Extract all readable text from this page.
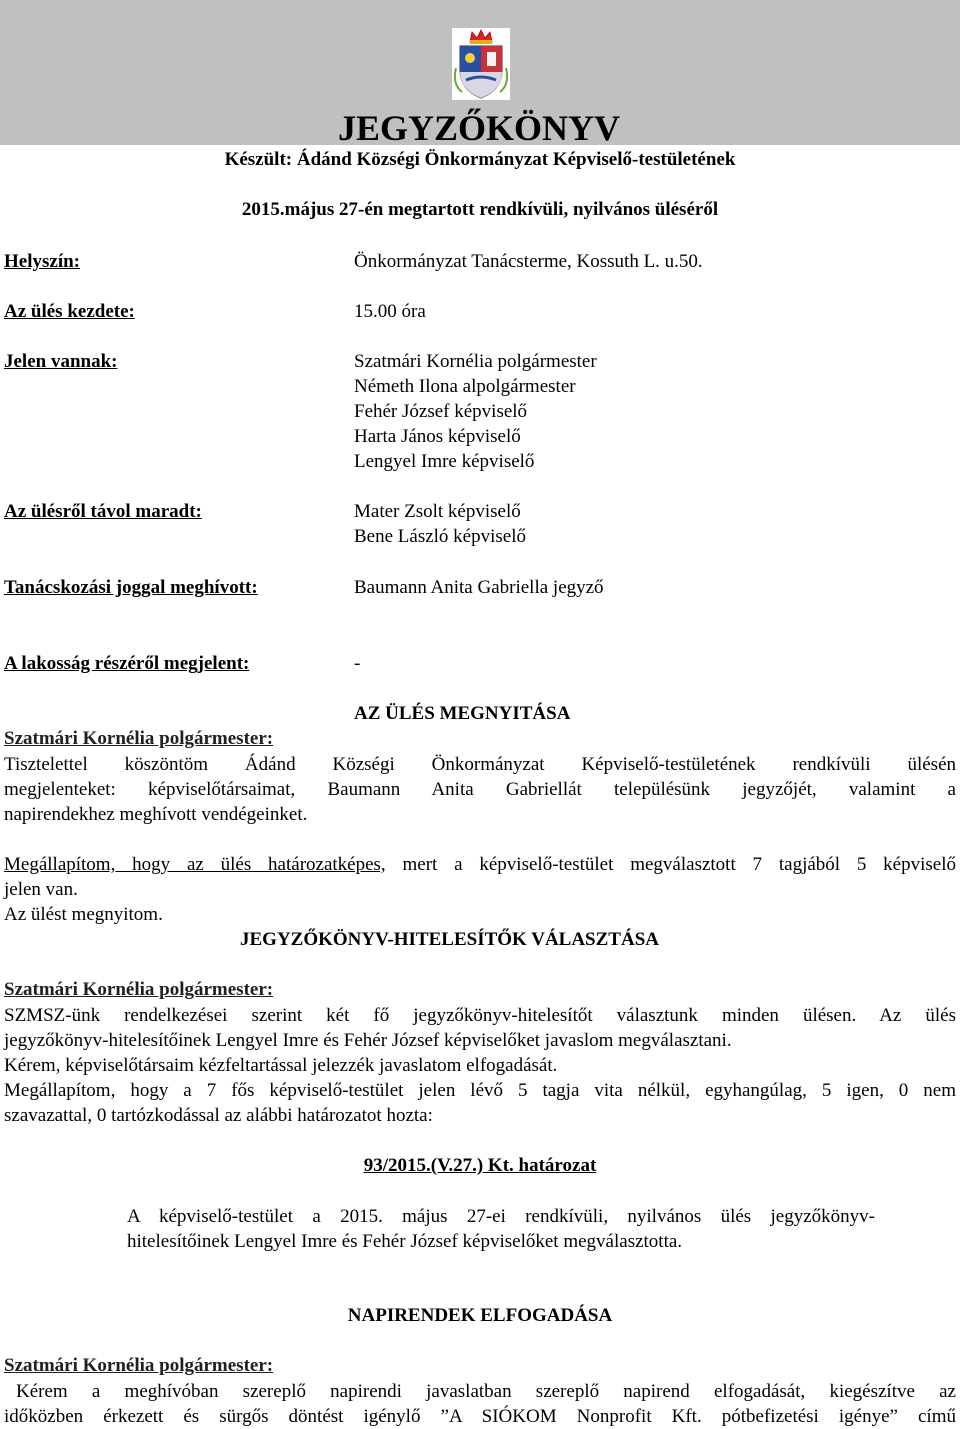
JEGYZŐKÖNYV
Készült: Ádánd Községi Önkormányzat Képviselő-testületének
2015.május 27-én megtartott rendkívüli, nyilvános üléséről
Helyszín:	Önkormányzat Tanácsterme, Kossuth L. u.50.
Az ülés kezdete:	15.00 óra
Jelen vannak:	Szatmári Kornélia polgármester
Németh Ilona alpolgármester
Fehér József képviselő
Harta János képviselő
Lengyel Imre képviselő
Az ülésről távol maradt:	Mater Zsolt képviselő
Bene László képviselő
Tanácskozási joggal meghívott:	Baumann Anita Gabriella jegyző
A lakosság részéről megjelent:	-
AZ ÜLÉS MEGNYITÁSA
Szatmári Kornélia polgármester:
Tisztelettel köszöntöm Ádánd Községi Önkormányzat Képviselő-testületének rendkívüli ülésén
megjelenteket: képviselőtársaimat, Baumann Anita Gabriellát településünk jegyzőjét, valamint a
napirendekhez meghívott vendégeinket.
Megállapítom, hogy az ülés határozatképes, mert a képviselő-testület megválasztott 7 tagjából 5 képviselő
jelen van.
Az ülést megnyitom.
JEGYZŐKÖNYV-HITELESÍTŐK VÁLASZTÁSA
Szatmári Kornélia polgármester:
SZMSZ-ünk rendelkezései szerint két fő jegyzőkönyv-hitelesítőt választunk minden ülésen. Az ülés
jegyzőkönyv-hitelesítőinek Lengyel Imre és Fehér József képviselőket javaslom megválasztani.
Kérem, képviselőtársaim kézfeltartással jelezzék javaslatom elfogadását.
Megállapítom, hogy a 7 fős képviselő-testület jelen lévő 5 tagja vita nélkül, egyhangúlag, 5 igen, 0 nem
szavazattal, 0 tartózkodással az alábbi határozatot hozta:
93/2015.(V.27.) Kt. határozat
A képviselő-testület a 2015. május 27-ei rendkívüli, nyilvános ülés jegyzőkönyv-
hitelesítőinek Lengyel Imre és Fehér József képviselőket megválasztotta.
NAPIRENDEK ELFOGADÁSA
Szatmári Kornélia polgármester:
Kérem a meghívóban szereplő napirendi javaslatban szereplő napirend elfogadását, kiegészítve az
időközben érkezett és sürgős döntést igénylő ”A SIÓKOM Nonprofit Kft. pótbefizetési igénye” című
